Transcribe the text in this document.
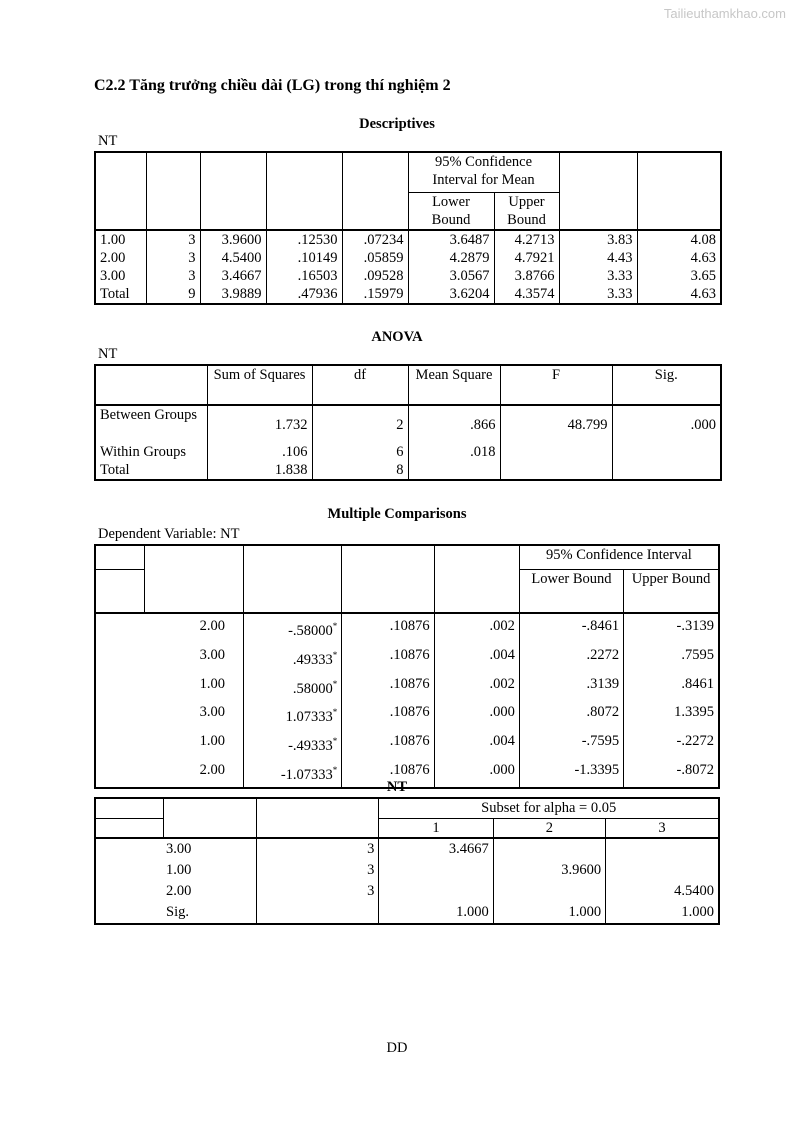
Tailieuthamkhao.com
C2.2 Tăng trưởng chiều dài (LG) trong thí nghiệm 2
Descriptives
NT
					95% Confidence Interval for Mean			
					Lower Bound	Upper Bound		
1.00	3	3.9600	.12530	.07234	3.6487	4.2713	3.83	4.08
2.00	3	4.5400	.10149	.05859	4.2879	4.7921	4.43	4.63
3.00	3	3.4667	.16503	.09528	3.0567	3.8766	3.33	3.65
Total	9	3.9889	.47936	.15979	3.6204	4.3574	3.33	4.63
ANOVA
NT
	Sum of Squares	df	Mean Square	F	Sig.
Between Groups	1.732	2	.866	48.799	.000
Within Groups	.106	6	.018		
Total	1.838	8			
Multiple Comparisons
Dependent Variable: NT
					95% Confidence Interval	
					Lower Bound	Upper Bound
2.00		-.58000*	.10876	.002	-.8461	-.3139
3.00		.49333*	.10876	.004	.2272	.7595
1.00		.58000*	.10876	.002	.3139	.8461
3.00		1.07333*	.10876	.000	.8072	1.3395
1.00		-.49333*	.10876	.004	-.7595	-.2272
2.00		-1.07333*	.10876	.000	-1.3395	-.8072
NT
			Subset for alpha = 0.05		
			1	2	3
3.00		3	3.4667		
1.00		3		3.9600	
2.00		3			4.5400
Sig.			1.000	1.000	1.000
DD
